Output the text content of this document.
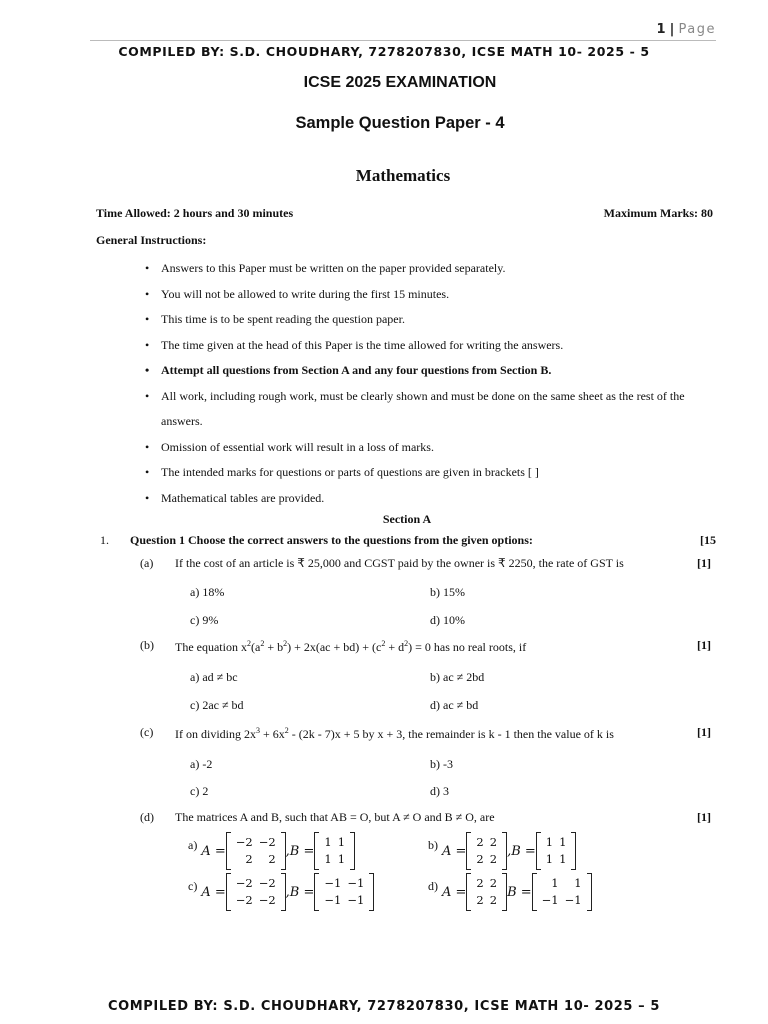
1 | Page
COMPILED BY: S.D. CHOUDHARY, 7278207830, ICSE MATH 10- 2025 - 5
ICSE 2025 EXAMINATION
Sample Question Paper - 4
Mathematics
Time Allowed: 2 hours and 30 minutes	Maximum Marks: 80
General Instructions:
• Answers to this Paper must be written on the paper provided separately.
• You will not be allowed to write during the first 15 minutes.
• This time is to be spent reading the question paper.
• The time given at the head of this Paper is the time allowed for writing the answers.
• Attempt all questions from Section A and any four questions from Section B.
• All work, including rough work, must be clearly shown and must be done on the same sheet as the rest of the
answers.
• Omission of essential work will result in a loss of marks.
• The intended marks for questions or parts of questions are given in brackets [ ]
• Mathematical tables are provided.
Section A
1. Question 1 Choose the correct answers to the questions from the given options:	[15
(a) If the cost of an article is ₹ 25,000 and CGST paid by the owner is ₹ 2250, the rate of GST is	[1]
a) 18%	b) 15%
c) 9%	d) 10%
(b) The equation $x^2(a^2 + b^2) + 2x(ac + bd) + (c^2 + d^2) = 0$ has no real roots, if	[1]
a) ad ≠ bc	b) ac ≠ 2bd
c) 2ac ≠ bd	d) ac ≠ bd
(c) If on dividing $2x^3 + 6x^2 - (2k - 7)x + 5$ by x + 3, the remainder is k - 1 then the value of k is	[1]
a) -2	b) -3
c) 2	d) 3
(d) The matrices A and B, such that AB = O, but A ≠ O and B ≠ O, are	[1]
a) A =
−2	−2
2	2
, B =
1	1
1	1
b) A =
2	2
2	2
, B =
1	1
1	1
c) A =
−2	−2
−2	−2
, B =
−1	−1
−1	−1
d) A =
2	2
2	2
B =
1	1
−1	−1
COMPILED BY: S.D. CHOUDHARY, 7278207830, ICSE MATH 10- 2025 – 5
